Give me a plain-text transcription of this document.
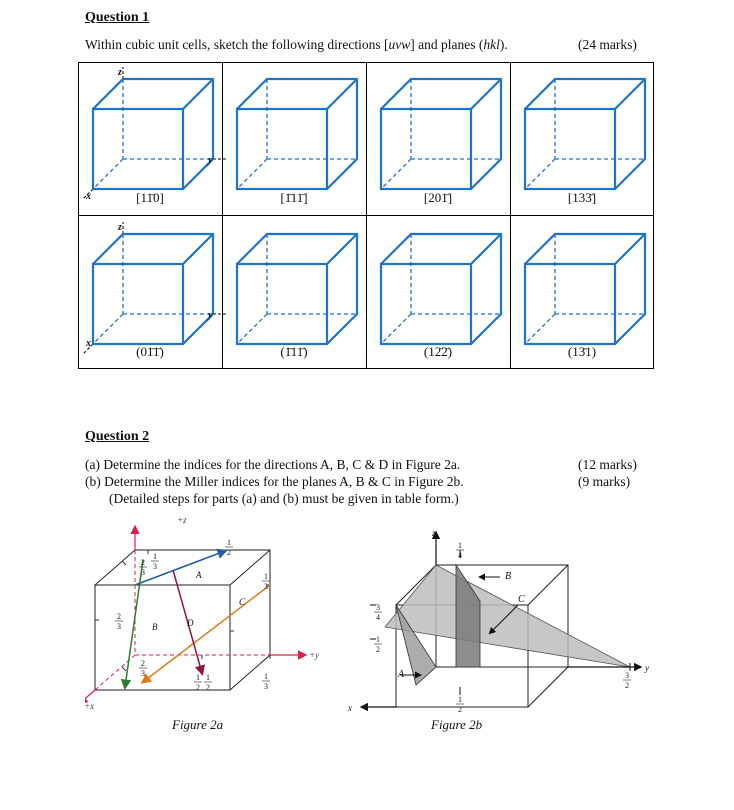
Question 1
Within cubic unit cells, sketch the following directions [uvw] and planes (hkl).	(24 marks)
z
y
x
z
y
x
[11̄0]	[1̄11̄]	[201̄]	[133̄]
(01̄1̄)	(1̄11̄)	(12̄2̄)	(13̄1)
Question 2
(a) Determine the indices for the directions A, B, C & D in Figure 2a.
(b) Determine the Miller indices for the planes A, B & C in Figure 2b.
(Detailed steps for parts (a) and (b) must be given in table form.)
(12 marks)
(9 marks)
+z
+y
+x
A
B
C
D
2
3
1
3
1
2
1
3
2
3
2
3	1
2
1
2
1
3
Figure 2a
z
y
x
B
C
A
1
4
3
4
1
2
1
2
3
2
Figure 2b
